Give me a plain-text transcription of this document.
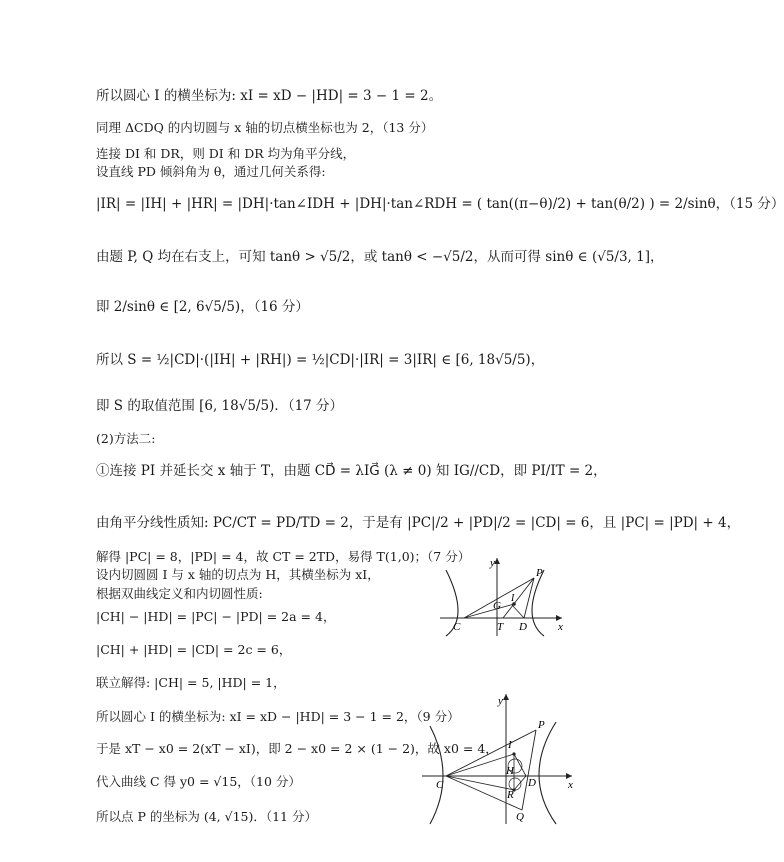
所以圆心 I 的横坐标为: xI = xD − |HD| = 3 − 1 = 2。
同理 ΔCDQ 的内切圆与 x 轴的切点横坐标也为 2，（13 分）
连接 DI 和 DR，则 DI 和 DR 均为角平分线，
设直线 PD 倾斜角为 θ，通过几何关系得:
|IR| = |IH| + |HR| = |DH|·tan∠IDH + |DH|·tan∠RDH = ( tan((π−θ)/2) + tan(θ/2) ) = 2/sinθ，（15 分）
由题 P, Q 均在右支上，可知 tanθ > √5/2，或 tanθ < −√5/2，从而可得 sinθ ∈ (√5/3, 1]，
即 2/sinθ ∈ [2, 6√5/5)，（16 分）
所以 S = ½|CD|·(|IH| + |RH|) = ½|CD|·|IR| = 3|IR| ∈ [6, 18√5/5)，
即 S 的取值范围 [6, 18√5/5)．（17 分）
(2)方法二:
①连接 PI 并延长交 x 轴于 T，由题 CD⃗ = λIG⃗ (λ ≠ 0) 知 IG//CD，即 PI/IT = 2，
由角平分线性质知: PC/CT = PD/TD = 2，于是有 |PC|/2 + |PD|/2 = |CD| = 6，且 |PC| = |PD| + 4，
解得 |PC| = 8，|PD| = 4，故 CT = 2TD，易得 T(1,0)；（7 分）
设内切圆圆 I 与 x 轴的切点为 H，其横坐标为 xI，
根据双曲线定义和内切圆性质:
|CH| − |HD| = |PC| − |PD| = 2a = 4，
|CH| + |HD| = |CD| = 2c = 6，
联立解得: |CH| = 5, |HD| = 1，
所以圆心 I 的横坐标为: xI = xD − |HD| = 3 − 1 = 2，（9 分）
于是 xT − x0 = 2(xT − xI)，即 2 − x0 = 2 × (1 − 2)，故 x0 = 4，
代入曲线 C 得 y0 = √15，（10 分）
所以点 P 的坐标为 (4, √15)．（11 分）
y
P
G
I
C	T D	x
y
P
I
H
D
C
R
Q
x
